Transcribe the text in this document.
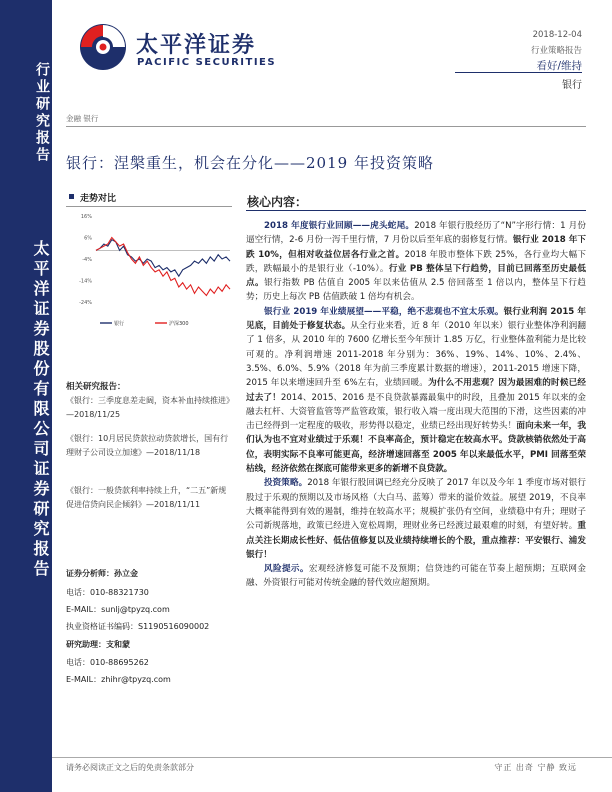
行业研究报告
太平洋证券股份有限公司证券研究报告
太平洋证券
PACIFIC SECURITIES
2018-12-04
行业策略报告
看好/维持
银行
金融 银行
银行：涅槃重生，机会在分化——2019 年投资策略
走势对比
16%
6%
-4%
-14%
-24%
银行	沪深300
相关研究报告：
《银行：三季度息差走阔，资本补血持续推进》—2018/11/25
《银行：10月居民贷款拉动贷款增长，国有行理财子公司设立加速》—2018/11/18
《银行：一般贷款利率持续上升，“二五”新规促进信贷向民企倾斜》—2018/11/11
证券分析师：孙立金
电话：010-88321730
E-MAIL：sunlj@tpyzq.com
执业资格证书编码：S1190516090002
研究助理：支和蒙
电话：010-88695262
E-MAIL：zhihr@tpyzq.com
核心内容：

2018 年度银行业回顾——虎头蛇尾。2018 年银行股经历了“N”字形行情：1 月份逼空行情，2-6 月份一泻千里行情，7 月份以后至年底的弱修复行情。银行业 2018 年下跌 10%，但相对收益位居各行业之首。2018 年股市整体下跌 25%，各行业均大幅下跌，跌幅最小的是银行业（-10%）。行业 PB 整体呈下行趋势，目前已回落至历史最低点。银行指数 PB 估值自 2005 年以来估值从 2.5 倍回落至 1 倍以内，整体呈下行趋势；历史上每次 PB 估值跌破 1 倍均有机会。

银行业 2019 年业绩展望——平稳，绝不悲观也不宜太乐观。银行业利润 2015 年见底，目前处于修复状态。从全行业来看，近 8 年（2010 年以来）银行业整体净利润翻了 1 倍多，从 2010 年的 7600 亿增长至今年预计 1.85 万亿，行业整体盈利能力是比较可观的。净利润增速 2011-2018 年分别为：36%、19%、14%、10%、2.4%、3.5%、6.0%、5.9%（2018 年为前三季度累计数据的增速），2011-2015 增速下降，2015 年以来增速回升至 6%左右，业绩回暖。为什么不用悲观？因为最困难的时候已经过去了！2014、2015、2016 是不良贷款暴露最集中的时段，且叠加 2015 年以来的金融去杠杆、大资管监管等严监管政策，银行收入端一度出现大范围的下滑，这些因素的冲击已经得到一定程度的吸收，形势得以稳定，业绩已经出现好转势头！面向未来一年，我们认为也不宜对业绩过于乐观！不良率高企，预计稳定在较高水平。贷款核销依然处于高位，表明实际不良率可能更高，经济增速回落至 2005 年以来最低水平，PMI 回落至荣枯线，经济依然在探底可能带来更多的新增不良贷款。

投资策略。2018 年银行股回调已经充分反映了 2017 年以及今年 1 季度市场对银行股过于乐观的预期以及市场风格（大白马、蓝筹）带来的溢价效益。展望 2019，不良率大概率能得到有效的遏制，维持在较高水平；规模扩张仍有空间，业绩稳中有升；理财子公司新规落地，政策已经进入宽松周期，理财业务已经渡过最艰难的时刻，有望好转。重点关注长期成长性好、低估值修复以及业绩持续增长的个股，重点推荐：平安银行、浦发银行！

风险提示。宏观经济修复可能不及预期；信贷违约可能在节奏上超预期；互联网金融、外资银行可能对传统金融的替代效应超预期。

请务必阅读正文之后的免责条款部分	守正 出奇 宁静 致远
